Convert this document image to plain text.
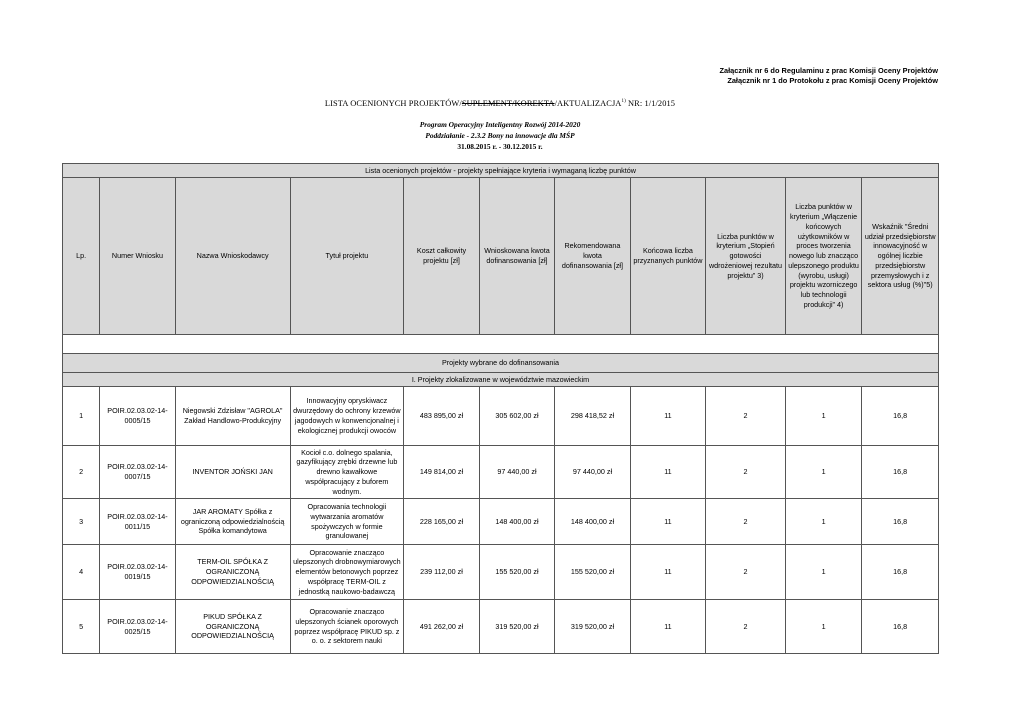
Załącznik nr 6 do Regulaminu z prac Komisji Oceny Projektów
Załącznik nr 1 do Protokołu z prac Komisji Oceny Projektów
LISTA OCENIONYCH PROJEKTÓW/SUPLEMENT/KOREKTA/AKTUALIZACJA$^{1)}$ NR: 1/1/2015
Program Operacyjny Inteligentny Rozwój 2014-2020
Poddziałanie - 2.3.2 Bony na innowacje dla MŚP
31.08.2015 r. - 30.12.2015 r.
Lista ocenionych projektów - projekty spełniające kryteria i wymaganą liczbę punktów										
Lp.	Numer Wniosku	Nazwa Wnioskodawcy	Tytuł projektu	Koszt całkowity projektu [zł]	Wnioskowana kwota dofinansowania [zł]	Rekomendowana kwota dofinansowania [zł]	Końcowa liczba przyznanych punktów	Liczba punktów w kryterium „Stopień gotowości wdrożeniowej rezultatu projektu” 3)	Liczba punktów w kryterium „Włączenie końcowych użytkowników w proces tworzenia nowego lub znacząco ulepszonego produktu (wyrobu, usługi) projektu wzorniczego lub technologii produkcji” 4)	Wskaźnik "Średni udział przedsiębiorstw innowacyjność w ogólnej liczbie przedsiębiorstw przemysłowych i z sektora usług (%)"5)

Projekty wybrane do dofinansowania										
I. Projekty zlokalizowane w województwie mazowieckim										
1	POIR.02.03.02-14-0005/15	Niegowski Zdzisław "AGROLA" Zakład Handlowo-Produkcyjny	Innowacyjny opryskiwacz dwurzędowy do ochrony krzewów jagodowych w konwencjonalnej i ekologicznej produkcji owoców	483 895,00 zł	305 602,00 zł	298 418,52 zł	11	2	1	16,8
2	POIR.02.03.02-14-0007/15	INVENTOR JOŃSKI JAN	Kocioł c.o. dolnego spalania, gazyfikujący zrębki drzewne lub drewno kawałkowe współpracujący z buforem wodnym.	149 814,00 zł	97 440,00 zł	97 440,00 zł	11	2	1	16,8
3	POIR.02.03.02-14-0011/15	JAR AROMATY Spółka z ograniczoną odpowiedzialnością Spółka komandytowa	Opracowania technologii wytwarzania aromatów spożywczych w formie granulowanej	228 165,00 zł	148 400,00 zł	148 400,00 zł	11	2	1	16,8
4	POIR.02.03.02-14-0019/15	TERM-OIL SPÓŁKA Z OGRANICZONĄ ODPOWIEDZIALNOŚCIĄ	Opracowanie znacząco ulepszonych drobnowymiarowych elementów betonowych poprzez współpracę TERM-OIL z jednostką naukowo-badawczą	239 112,00 zł	155 520,00 zł	155 520,00 zł	11	2	1	16,8
5	POIR.02.03.02-14-0025/15	PIKUD SPÓŁKA Z OGRANICZONĄ ODPOWIEDZIALNOŚCIĄ	Opracowanie znacząco ulepszonych ścianek oporowych poprzez współpracę PIKUD sp. z o. o. z sektorem nauki	491 262,00 zł	319 520,00 zł	319 520,00 zł	11	2	1	16,8
